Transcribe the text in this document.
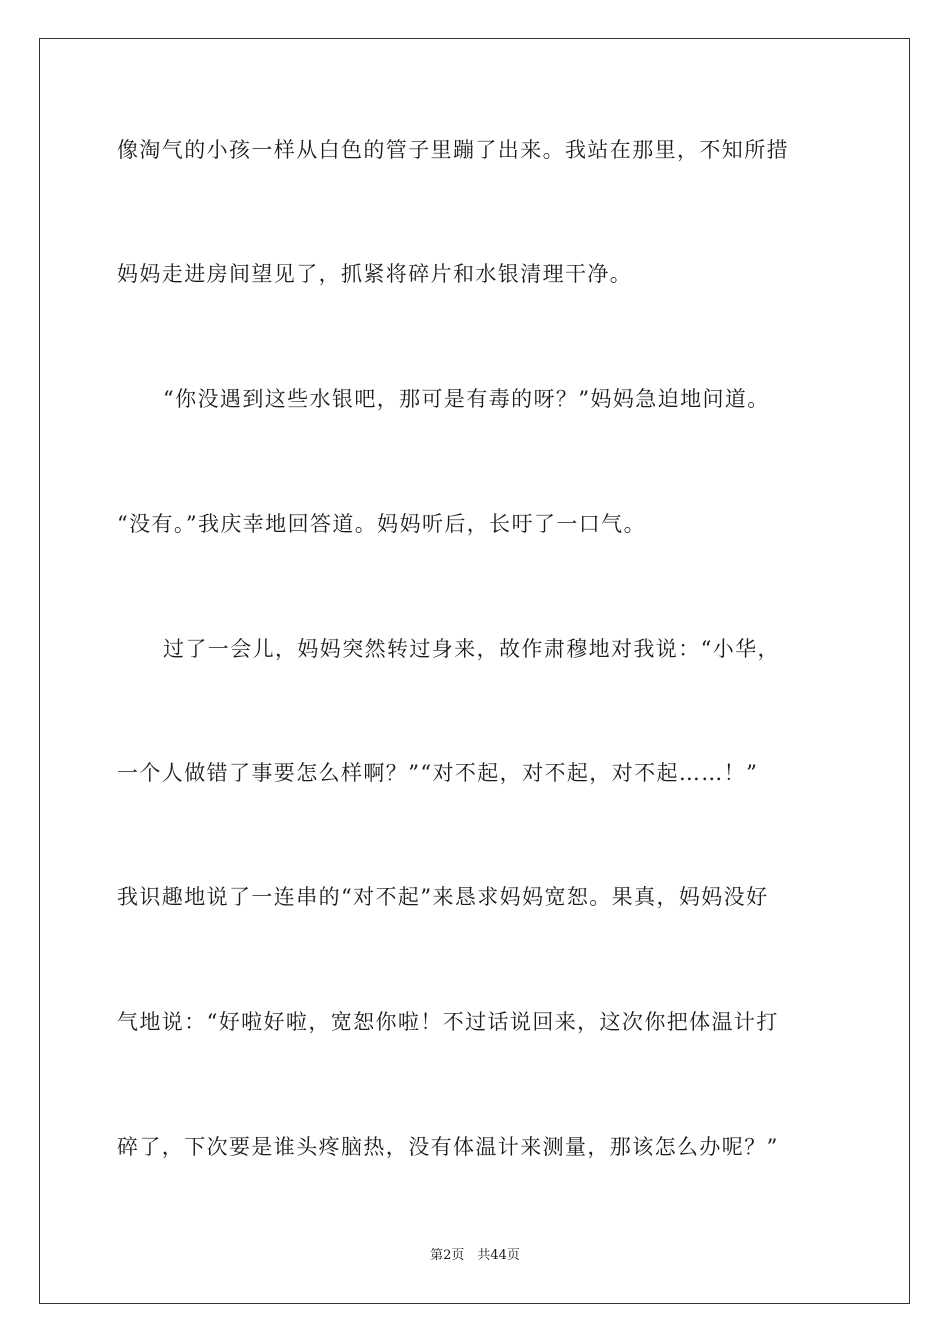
像淘气的小孩一样从白色的管子里蹦了出来。我站在那里，不知所措
妈妈走进房间望见了，抓紧将碎片和水银清理干净。
“你没遇到这些水银吧，那可是有毒的呀？”妈妈急迫地问道。
“没有。”我庆幸地回答道。妈妈听后，长吁了一口气。
过了一会儿，妈妈突然转过身来，故作肃穆地对我说：“小华，
一个人做错了事要怎么样啊？”“对不起，对不起，对不起……！”
我识趣地说了一连串的“对不起”来恳求妈妈宽恕。果真，妈妈没好
气地说：“好啦好啦，宽恕你啦！不过话说回来，这次你把体温计打
碎了，下次要是谁头疼脑热，没有体温计来测量，那该怎么办呢？”
第2页　共44页
